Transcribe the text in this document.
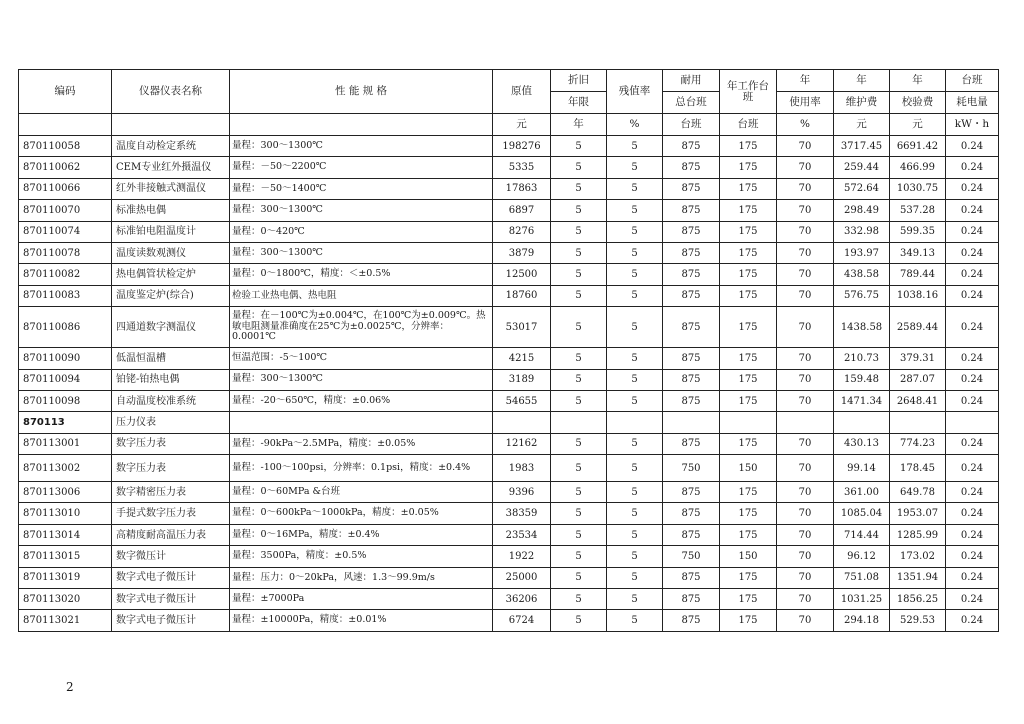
编码	仪器仪表名称	性 能 规 格	原值	折旧	残值率	耐用	年工作台班	年	年	年	台班
				年限		总台班		使用率	维护费	校验费	耗电量
			元	年	%	台班	台班	%	元	元	kW・h
870110058	温度自动检定系统	量程：300～1300℃	198276	5	5	875	175	70	3717.45	6691.42	0.24
870110062	CEM专业红外摄温仪	量程：－50～2200℃	5335	5	5	875	175	70	259.44	466.99	0.24
870110066	红外非接触式测温仪	量程：－50～1400℃	17863	5	5	875	175	70	572.64	1030.75	0.24
870110070	标准热电偶	量程：300～1300℃	6897	5	5	875	175	70	298.49	537.28	0.24
870110074	标准铂电阻温度计	量程：0～420℃	8276	5	5	875	175	70	332.98	599.35	0.24
870110078	温度读数观测仪	量程：300～1300℃	3879	5	5	875	175	70	193.97	349.13	0.24
870110082	热电偶管状检定炉	量程：0～1800℃，精度：＜±0.5%	12500	5	5	875	175	70	438.58	789.44	0.24
870110083	温度鉴定炉(综合)	检验工业热电偶、热电阻	18760	5	5	875	175	70	576.75	1038.16	0.24
870110086	四通道数字测温仪	量程：在－100℃为±0.004℃，在100℃为±0.009℃。热敏电阻测量准确度在25℃为±0.0025℃，分辨率：0.0001℃	53017	5	5	875	175	70	1438.58	2589.44	0.24
870110090	低温恒温槽	恒温范围：-5～100℃	4215	5	5	875	175	70	210.73	379.31	0.24
870110094	铂铑-铂热电偶	量程：300～1300℃	3189	5	5	875	175	70	159.48	287.07	0.24
870110098	自动温度校准系统	量程：-20～650℃，精度：±0.06%	54655	5	5	875	175	70	1471.34	2648.41	0.24
870113	压力仪表										
870113001	数字压力表	量程：-90kPa～2.5MPa，精度：±0.05%	12162	5	5	875	175	70	430.13	774.23	0.24
870113002	数字压力表	量程：-100～100psi，分辨率：0.1psi，精度：±0.4%	1983	5	5	750	150	70	99.14	178.45	0.24
870113006	数字精密压力表	量程：0～60MPa &台班	9396	5	5	875	175	70	361.00	649.78	0.24
870113010	手提式数字压力表	量程：0～600kPa～1000kPa，精度：±0.05%	38359	5	5	875	175	70	1085.04	1953.07	0.24
870113014	高精度耐高温压力表	量程：0～16MPa，精度：±0.4%	23534	5	5	875	175	70	714.44	1285.99	0.24
870113015	数字微压计	量程：3500Pa，精度：±0.5%	1922	5	5	750	150	70	96.12	173.02	0.24
870113019	数字式电子微压计	量程：压力：0～20kPa，风速：1.3～99.9m/s	25000	5	5	875	175	70	751.08	1351.94	0.24
870113020	数字式电子微压计	量程：±7000Pa	36206	5	5	875	175	70	1031.25	1856.25	0.24
870113021	数字式电子微压计	量程：±10000Pa，精度：±0.01%	6724	5	5	875	175	70	294.18	529.53	0.24
2
